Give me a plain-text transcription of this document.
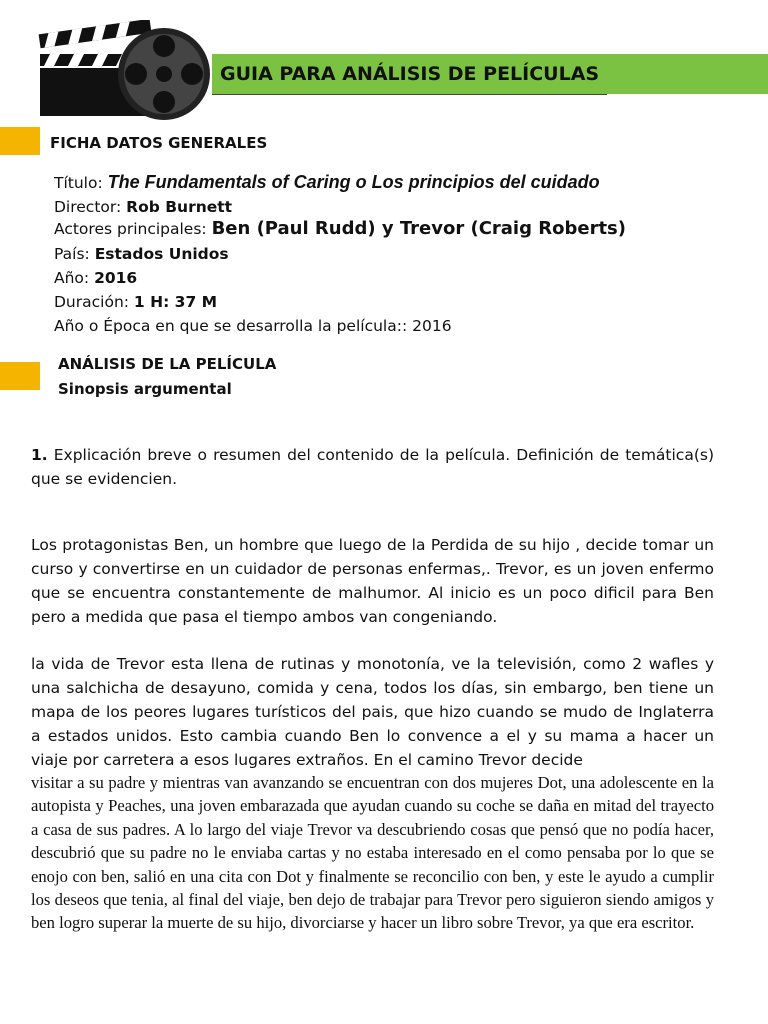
GUIA PARA ANÁLISIS DE PELÍCULAS
FICHA DATOS GENERALES
Título: The Fundamentals of Caring o Los principios del cuidado
Director: Rob Burnett
Actores principales: Ben (Paul Rudd) y Trevor (Craig Roberts)
País: Estados Unidos
Año: 2016
Duración: 1 H: 37 M
Año o Época en que se desarrolla la película:: 2016
ANÁLISIS DE LA PELÍCULA
Sinopsis argumental
1. Explicación breve o resumen del contenido de la película. Definición de temática(s) que se evidencien.
Los protagonistas Ben, un hombre que luego de la Perdida de su hijo , decide tomar un curso y convertirse en un cuidador de personas enfermas,. Trevor, es un joven enfermo que se encuentra constantemente de malhumor. Al inicio es un poco dificil para Ben pero a medida que pasa el tiempo ambos van congeniando.
la vida de Trevor esta llena de rutinas y monotonía, ve la televisión, como 2 wafles y una salchicha de desayuno, comida y cena, todos los días, sin embargo, ben tiene un mapa de los peores lugares turísticos del pais, que hizo cuando se mudo de Inglaterra a estados unidos. Esto cambia cuando Ben lo convence a el y su mama a hacer un viaje por carretera a esos lugares extraños. En el camino Trevor decide
visitar a su padre y mientras van avanzando se encuentran con dos mujeres Dot, una adolescente en la autopista y Peaches, una joven embarazada que ayudan cuando su coche se daña en mitad del trayecto a casa de sus padres. A lo largo del viaje Trevor va descubriendo cosas que pensó que no podía hacer, descubrió que su padre no le enviaba cartas y no estaba interesado en el como pensaba por lo que se enojo con ben, salió en una cita con Dot y finalmente se reconcilio con ben, y este le ayudo a cumplir los deseos que tenia, al final del viaje, ben dejo de trabajar para Trevor pero siguieron siendo amigos y ben logro superar la muerte de su hijo, divorciarse y hacer un libro sobre Trevor, ya que era escritor.
